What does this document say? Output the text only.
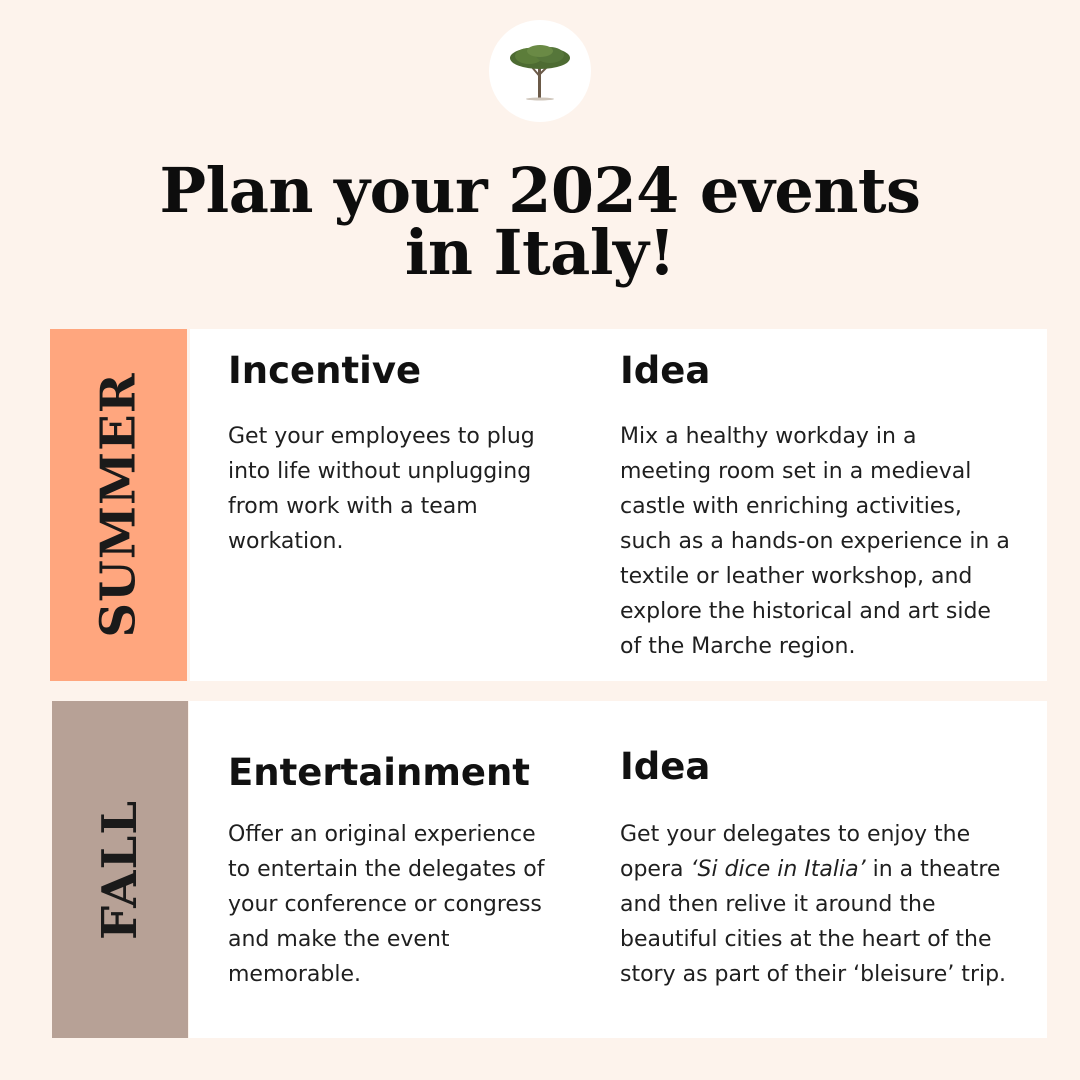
Plan your 2024 events
in Italy!
SUMMER
Incentive

Get your employees to plug into life without unplugging from work with a team workation.

Idea

Mix a healthy workday in a meeting room set in a medieval castle with enriching activities, such as a hands-on experience in a textile or leather workshop, and explore the historical and art side of the Marche region.

FALL
Entertainment

Offer an original experience to entertain the delegates of your conference or congress and make the event memorable.

Idea

Get your delegates to enjoy the opera ‘Si dice in Italia’ in a theatre and then relive it around the beautiful cities at the heart of the story as part of their ‘bleisure’ trip.
